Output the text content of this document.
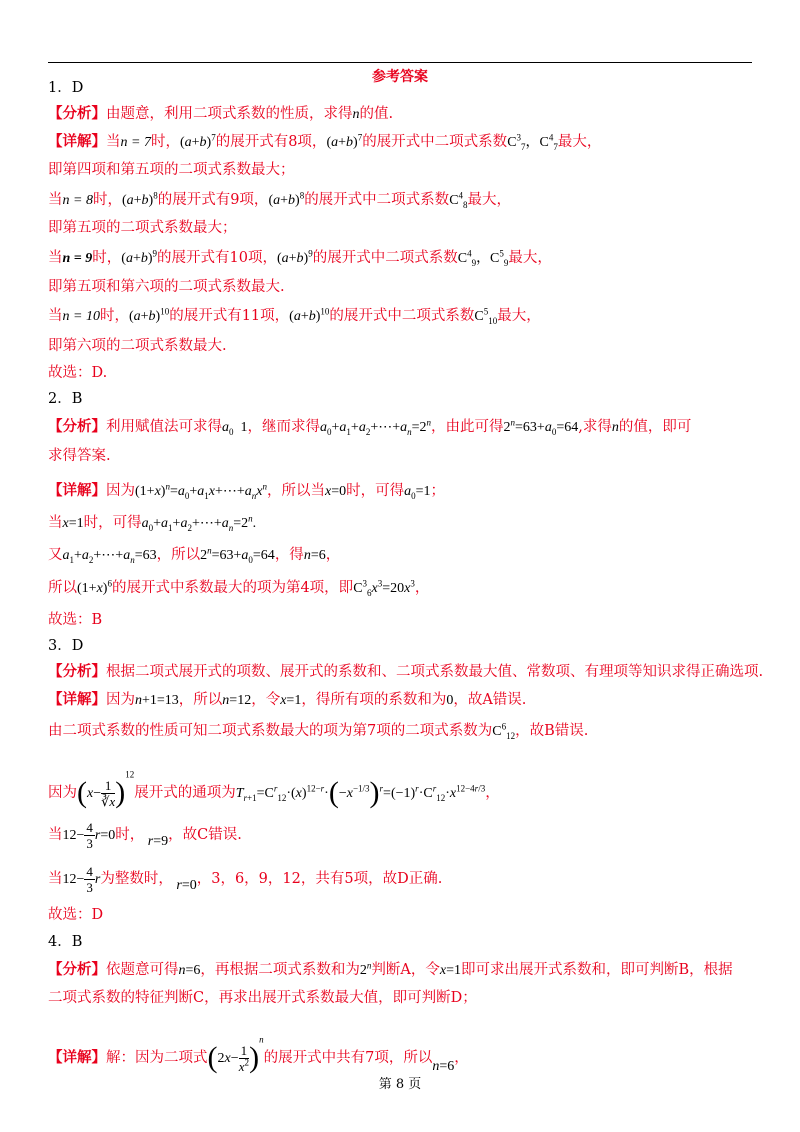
参考答案
1．D
【分析】由题意，利用二项式系数的性质，求得n的值.
【详解】当n = 7时，$(a+b)^7$的展开式有8项，$(a+b)^7$的展开式中二项式系数$C^3_7$，$C^4_7$最大，
即第四项和第五项的二项式系数最大；
当n = 8时，$(a+b)^8$的展开式有9项，$(a+b)^8$的展开式中二项式系数$C^4_8$最大，
即第五项的二项式系数最大；
当n = 9时，$(a+b)^9$的展开式有10项，$(a+b)^9$的展开式中二项式系数$C^4_9$，$C^5_9$最大，
即第五项和第六项的二项式系数最大.
当n = 10时，$(a+b)^{10}$的展开式有11项，$(a+b)^{10}$的展开式中二项式系数$C^5_{10}$最大，
即第六项的二项式系数最大.
故选：D.
2．B
【分析】利用赋值法可求得$a_0$  1，继而求得$a_0+a_1+a_2+\cdots+a_n=2^n$，由此可得$2^n=63+a_0=64$,求得n的值，即可
求得答案.
【详解】因为$(1+x)^n=a_0+a_1x+\cdots+a_nx^n$，所以当x=0时，可得$a_0=1$；
当x=1时，可得$a_0+a_1+a_2+\cdots+a_n=2^n$.
又$a_1+a_2+\cdots+a_n=63$，所以$2^n=63+a_0=64$，得n=6，
所以$(1+x)^6$的展开式中系数最大的项为第4项，即$C^3_6x^3=20x^3$，
故选：B
3．D
【分析】根据二项式展开式的项数、展开式的系数和、二项式系数最大值、常数项、有理项等知识求得正确选项.
【详解】因为n+1=13，所以n=12，令x=1，得所有项的系数和为0，故A错误.
由二项式系数的性质可知二项式系数最大的项为第7项的二项式系数为$C^6_{12}$，故B错误.
因为$(x- \frac{1}{∛x} )^{12}$展开式的通项为$T_{r+1}=C^r_{12}\cdot(x)^{12-r}\cdot(-x^{-1/3})^r=(-1)^r\cdot C^r_{12}\cdot x^{12-4r/3}$，
当$12- \frac{4}{3} r=0$时， r=9，故C错误.
当$12- \frac{4}{3}$ r为整数时， r=0，3，6，9，12，共有5项，故D正确.
故选：D
4．B
【分析】依题意可得n=6，再根据二项式系数和为2$^n$判断A，令x=1即可求出展开式系数和，即可判断B，根据
二项式系数的特征判断C，再求出展开式系数最大值，即可判断D；
【详解】解：因为二项式$(2x- \frac{1}{x^2} )^n$的展开式中共有7项，所以n=6，
第 8 页
